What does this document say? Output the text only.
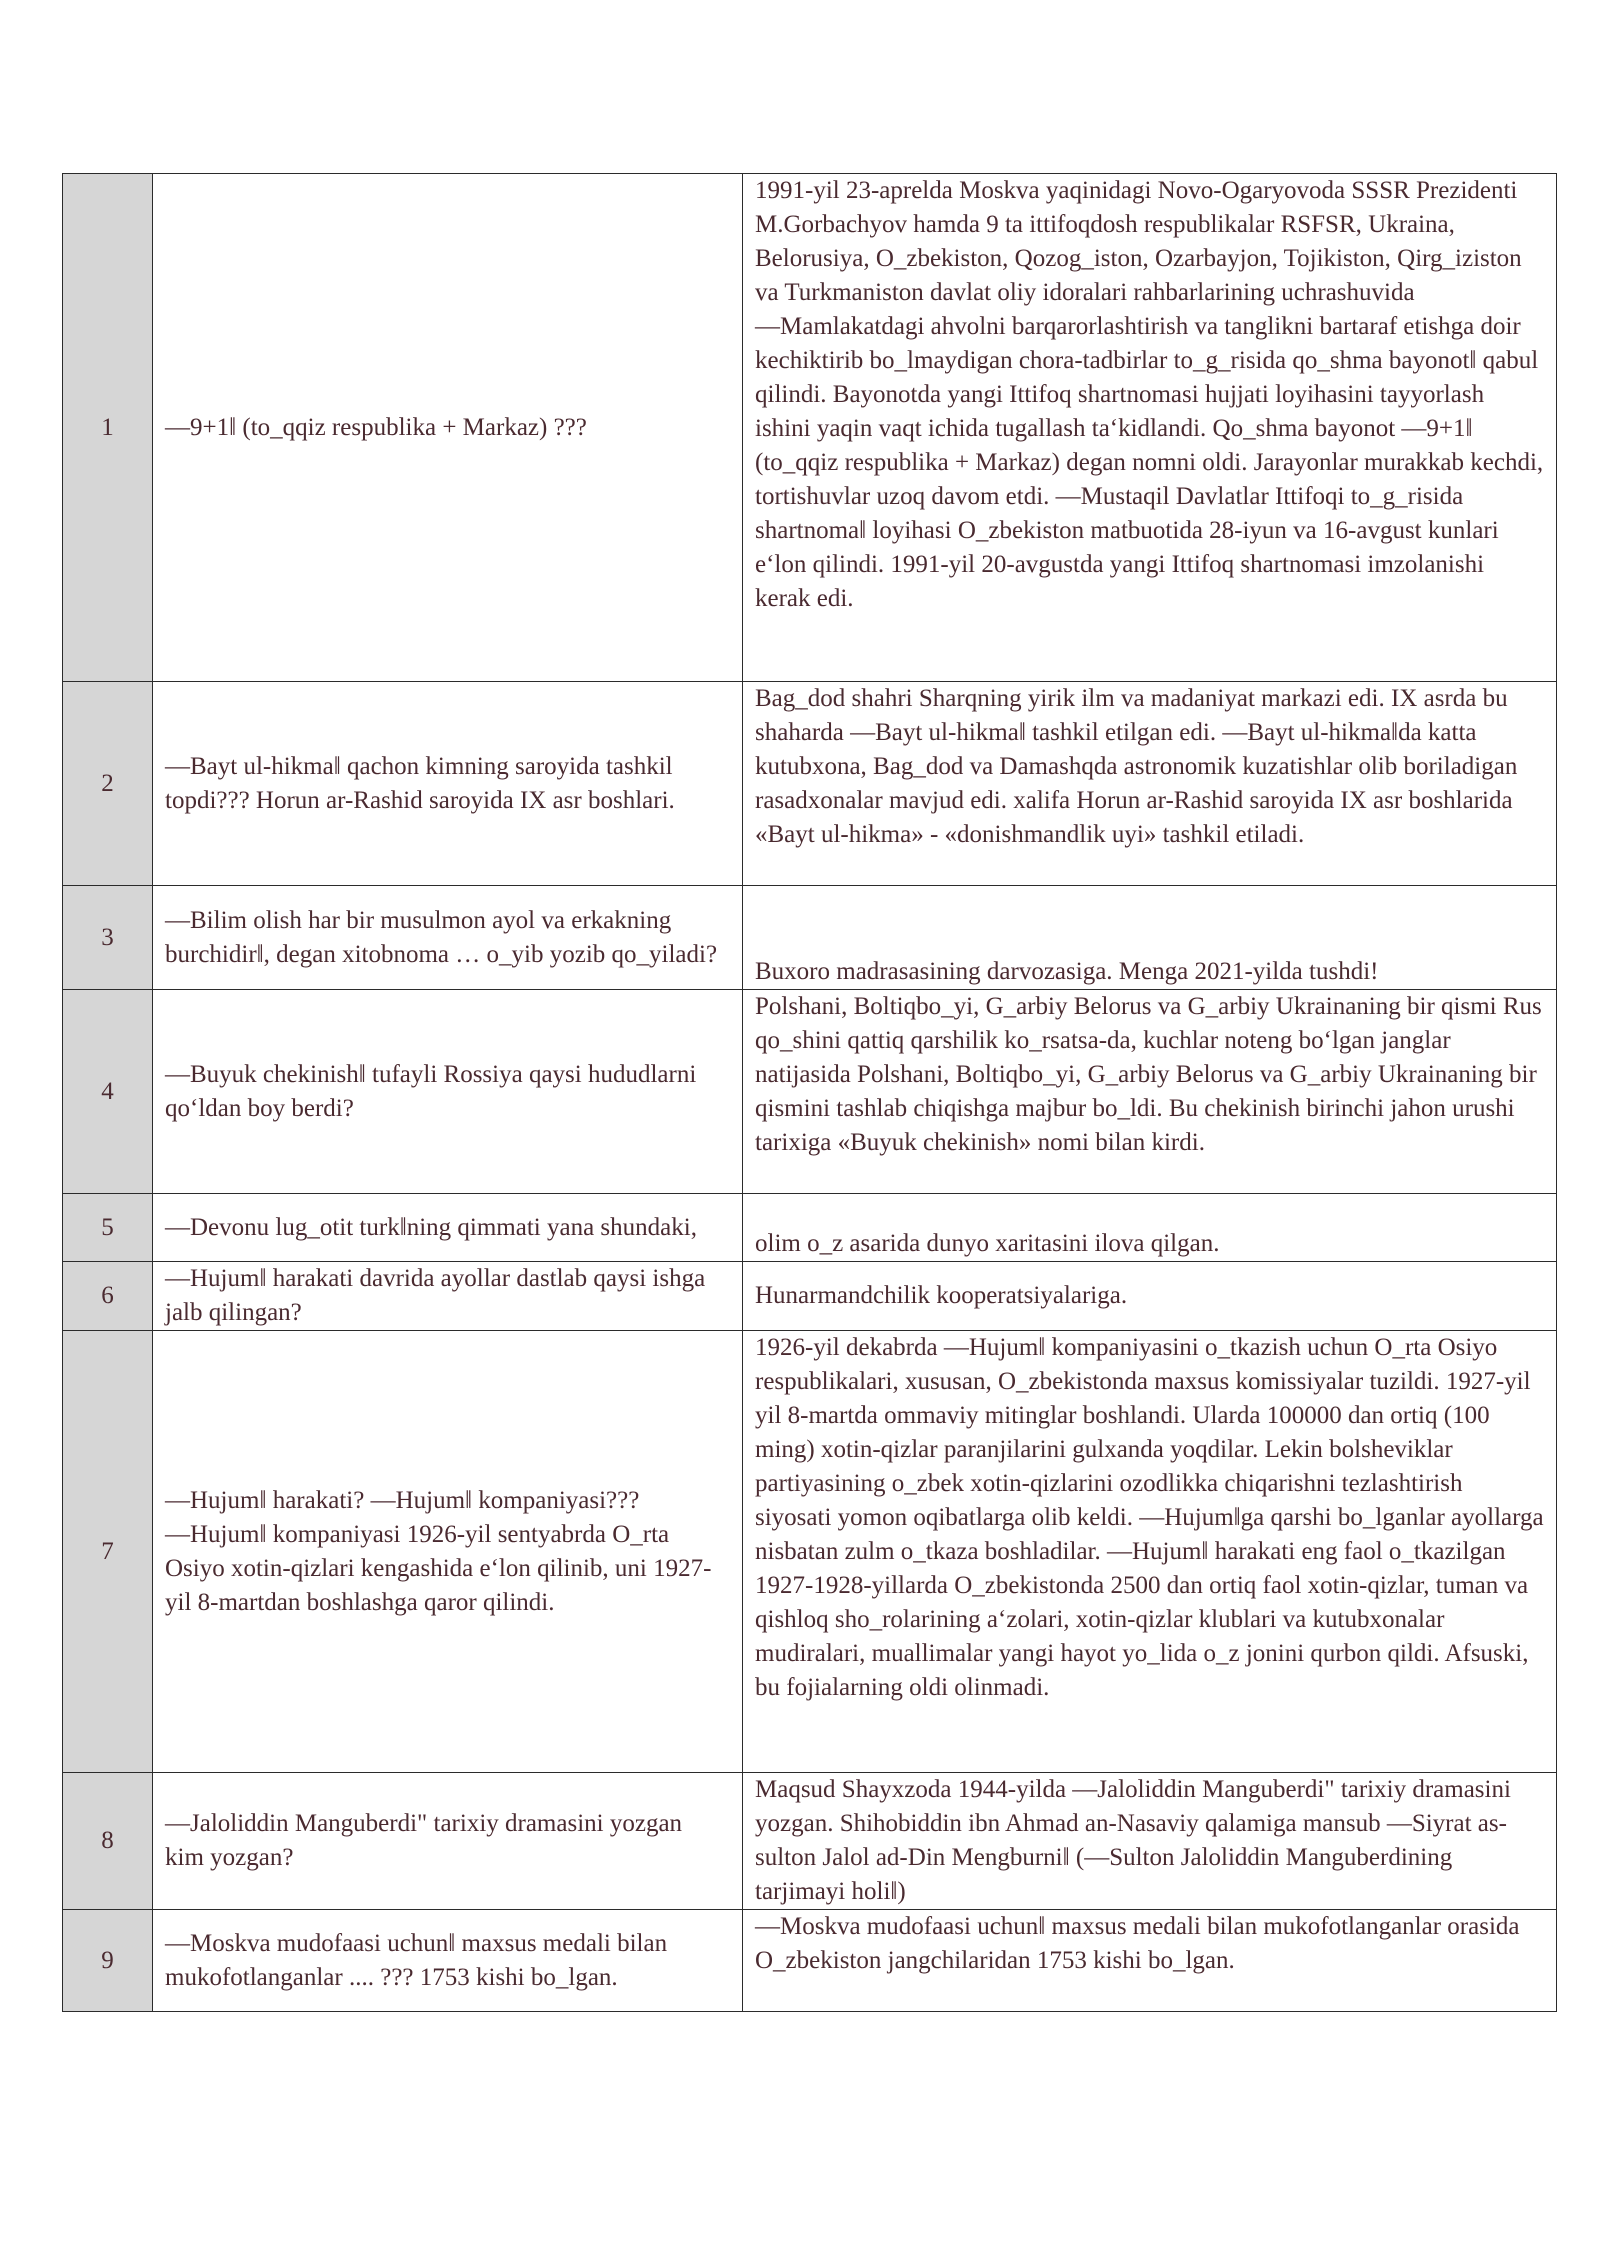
1	―9+1‖ (to_qqiz respublika + Markaz) ???	1991-yil 23-aprelda Moskva yaqinidagi Novo-Ogaryovoda SSSR Prezidenti M.Gorbachyov hamda 9 ta ittifoqdosh respublikalar RSFSR, Ukraina, Belorusiya, O_zbekiston, Qozog_iston, Ozarbayjon, Tojikiston, Qirg_iziston va Turkmaniston davlat oliy idoralari rahbarlarining uchrashuvida ―Mamlakatdagi ahvolni barqarorlashtirish va tanglikni bartaraf etishga doir kechiktirib bo_lmaydigan chora-tadbirlar to_g_risida qo_shma bayonot‖ qabul qilindi. Bayonotda yangi Ittifoq shartnomasi hujjati loyihasini tayyorlash ishini yaqin vaqt ichida tugallash ta‘kidlandi. Qo_shma bayonot ―9+1‖ (to_qqiz respublika + Markaz) degan nomni oldi. Jarayonlar murakkab kechdi, tortishuvlar uzoq davom etdi. ―Mustaqil Davlatlar Ittifoqi to_g_risida shartnoma‖ loyihasi O_zbekiston matbuotida 28-iyun va 16-avgust kunlari e‘lon qilindi. 1991-yil 20-avgustda yangi Ittifoq shartnomasi imzolanishi kerak edi.
2	―Bayt ul-hikma‖ qachon kimning saroyida tashkil topdi??? Horun ar-Rashid saroyida IX asr boshlari.	Bag_dod shahri Sharqning yirik ilm va madaniyat markazi edi. IX asrda bu shaharda ―Bayt ul-hikma‖ tashkil etilgan edi. ―Bayt ul-hikma‖da katta kutubxona, Bag_dod va Damashqda astronomik kuzatishlar olib boriladigan rasadxonalar mavjud edi. xalifa Horun ar-Rashid saroyida IX asr boshlarida «Bayt ul-hikma» - «donishmandlik uyi» tashkil etiladi.
3	―Bilim olish har bir musulmon ayol va erkakning burchidir‖, degan xitobnoma … o_yib yozib qo_yiladi?	Buxoro madrasasining darvozasiga. Menga 2021-yilda tushdi!
4	―Buyuk chekinish‖ tufayli Rossiya qaysi hududlarni qo‘ldan boy berdi?	Polshani, Boltiqbo_yi, G_arbiy Belorus va G_arbiy Ukrainaning bir qismi Rus qo_shini qattiq qarshilik ko_rsatsa-da, kuchlar noteng bo‘lgan janglar natijasida Polshani, Boltiqbo_yi, G_arbiy Belorus va G_arbiy Ukrainaning bir qismini tashlab chiqishga majbur bo_ldi. Bu chekinish birinchi jahon urushi tarixiga «Buyuk chekinish» nomi bilan kirdi.
5	―Devonu lug_otit turk‖ning qimmati yana shundaki,	olim o_z asarida dunyo xaritasini ilova qilgan.
6	―Hujum‖ harakati davrida ayollar dastlab qaysi ishga jalb qilingan?	Hunarmandchilik kooperatsiyalariga.
7	―Hujum‖ harakati? ―Hujum‖ kompaniyasi??? ―Hujum‖ kompaniyasi 1926-yil sentyabrda O_rta Osiyo xotin-qizlari kengashida e‘lon qilinib, uni 1927-yil 8-martdan boshlashga qaror qilindi.	1926-yil dekabrda ―Hujum‖ kompaniyasini o_tkazish uchun O_rta Osiyo respublikalari, xususan, O_zbekistonda maxsus komissiyalar tuzildi. 1927-yil yil 8-martda ommaviy mitinglar boshlandi. Ularda 100000 dan ortiq (100 ming) xotin-qizlar paranjilarini gulxanda yoqdilar. Lekin bolsheviklar partiyasining o_zbek xotin-qizlarini ozodlikka chiqarishni tezlashtirish siyosati yomon oqibatlarga olib keldi. ―Hujum‖ga qarshi bo_lganlar ayollarga nisbatan zulm o_tkaza boshladilar. ―Hujum‖ harakati eng faol o_tkazilgan 1927-1928-yillarda O_zbekistonda 2500 dan ortiq faol xotin-qizlar, tuman va qishloq sho_rolarining a‘zolari, xotin-qizlar klublari va kutubxonalar mudiralari, muallimalar yangi hayot yo_lida o_z jonini qurbon qildi. Afsuski, bu fojialarning oldi olinmadi.
8	―Jaloliddin Manguberdi" tarixiy dramasini yozgan kim yozgan?	Maqsud Shayxzoda 1944-yilda ―Jaloliddin Manguberdi" tarixiy dramasini yozgan. Shihobiddin ibn Ahmad an-Nasaviy qalamiga mansub ―Siyrat as-sulton Jalol ad-Din Mengburni‖ (―Sulton Jaloliddin Manguberdining tarjimayi holi‖)
9	―Moskva mudofaasi uchun‖ maxsus medali bilan mukofotlanganlar .... ??? 1753 kishi bo_lgan.	―Moskva mudofaasi uchun‖ maxsus medali bilan mukofotlanganlar orasida O_zbekiston jangchilaridan 1753 kishi bo_lgan.
